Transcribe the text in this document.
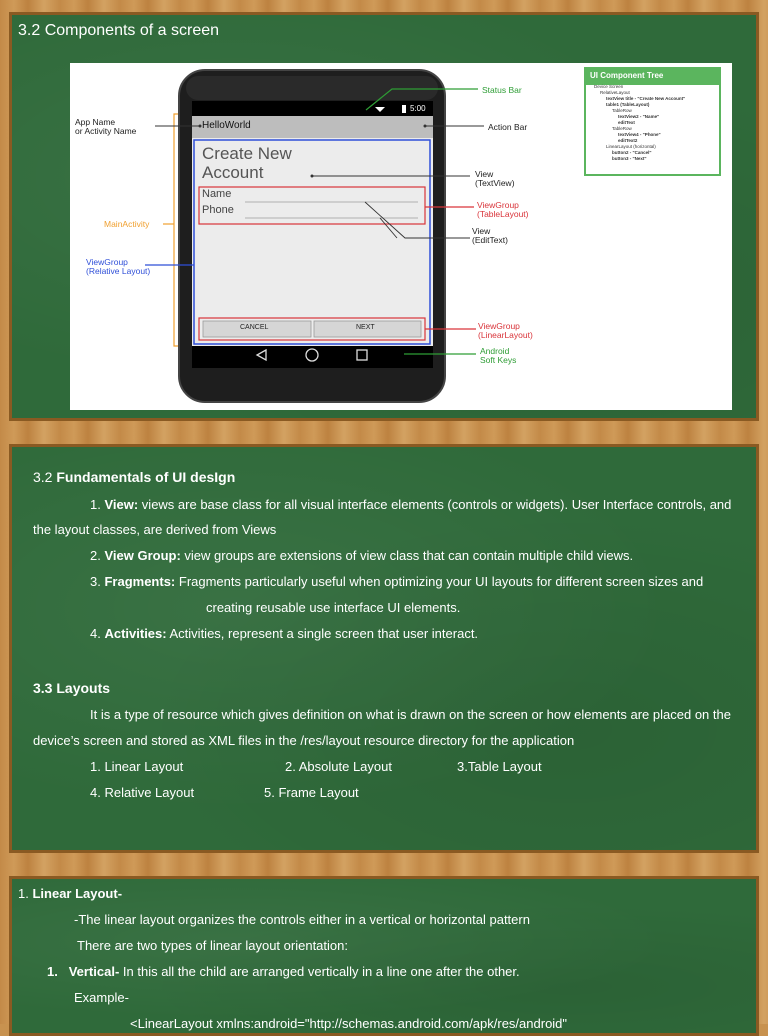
3.2 Components of a screen
5:00
HelloWorld
Create New
Account
Name
Phone
CANCEL	NEXT
App Name
or Activity Name
MainActivity
ViewGroup
(Relative Layout)
Status Bar
Action Bar
View
(TextView)
ViewGroup
(TableLayout)
View
(EditText)
ViewGroup
(LinearLayout)
Android
Soft Keys
UI Component Tree
Device Screen
RelativeLayout
textView title - "Create New Account"
table1 (TableLayout)
TableRow
textView2 - "Name"
editText
TableRow
textView4 - "Phone"
editText2
LinearLayout (horizontal)
button2 - "Cancel"
button3 - "Next"
3.2 Fundamentals of UI desIgn
1. View: views are base class for all visual interface elements (controls or widgets). User Interface controls, and
the layout classes, are derived from Views
2. View Group: view groups are extensions of view class that can contain multiple child views.
3. Fragments: Fragments particularly useful when optimizing your UI layouts for different screen sizes and
creating reusable use interface UI elements.
4. Activities: Activities, represent a single screen that user interact.
3.3 Layouts
It is a type of resource which gives definition on what is drawn on the screen or how elements are placed on the
device’s screen and stored as XML files in the /res/layout resource directory for the application
1. Linear Layout	2. Absolute Layout	3.Table Layout
4. Relative Layout	5. Frame Layout
1. Linear Layout-
-The linear layout organizes the controls either in a vertical or horizontal pattern
There are two types of linear layout orientation:
1. Vertical- In this all the child are arranged vertically in a line one after the other.
Example-
<LinearLayout xmlns:android="http://schemas.android.com/apk/res/android"
